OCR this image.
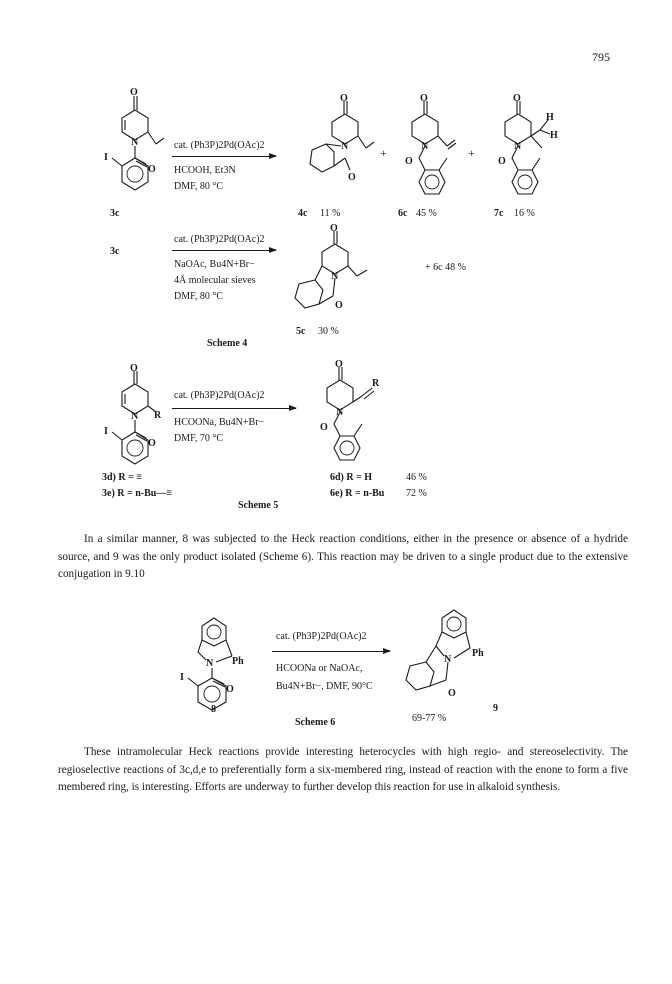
795
O
N
O
I
3c
cat. (Ph3P)2Pd(OAc)2
HCOOH, Et3N
DMF, 80 °C
O
N
O
4c 11 %
+
O
N
O
6c 45 %
+
O
N
H
H
O
7c 16 %
3c
cat. (Ph3P)2Pd(OAc)2
NaOAc, Bu4N+Br−
4Å molecular sieves
DMF, 80 °C
O
N
O
+ 6c 48 %
5c 30 %
Scheme 4
O
N R
O
I
cat. (Ph3P)2Pd(OAc)2
HCOONa, Bu4N+Br−
DMF, 70 °C
O
N
R
O
3d) R = ≡
3e) R = n-Bu—≡
6d) R = H	46 %
6e) R = n-Bu 72 %
Scheme 5
In a similar manner, 8 was subjected to the Heck reaction conditions, either in the presence or absence of a hydride source, and 9 was the only product isolated (Scheme 6). This reaction may be driven to a single product due to the extensive conjugation in 9.10
N Ph
O
I
8
cat. (Ph3P)2Pd(OAc)2
HCOONa or NaOAc,
Bu4N+Br−, DMF, 90°C
N
Ph
O
9
Scheme 6	69-77 %
These intramolecular Heck reactions provide interesting heterocycles with high regio- and stereoselectivity. The regioselective reactions of 3c,d,e to preferentially form a six-membered ring, instead of reaction with the enone to form a five membered ring, is interesting. Efforts are underway to further develop this reaction for use in alkaloid synthesis.
